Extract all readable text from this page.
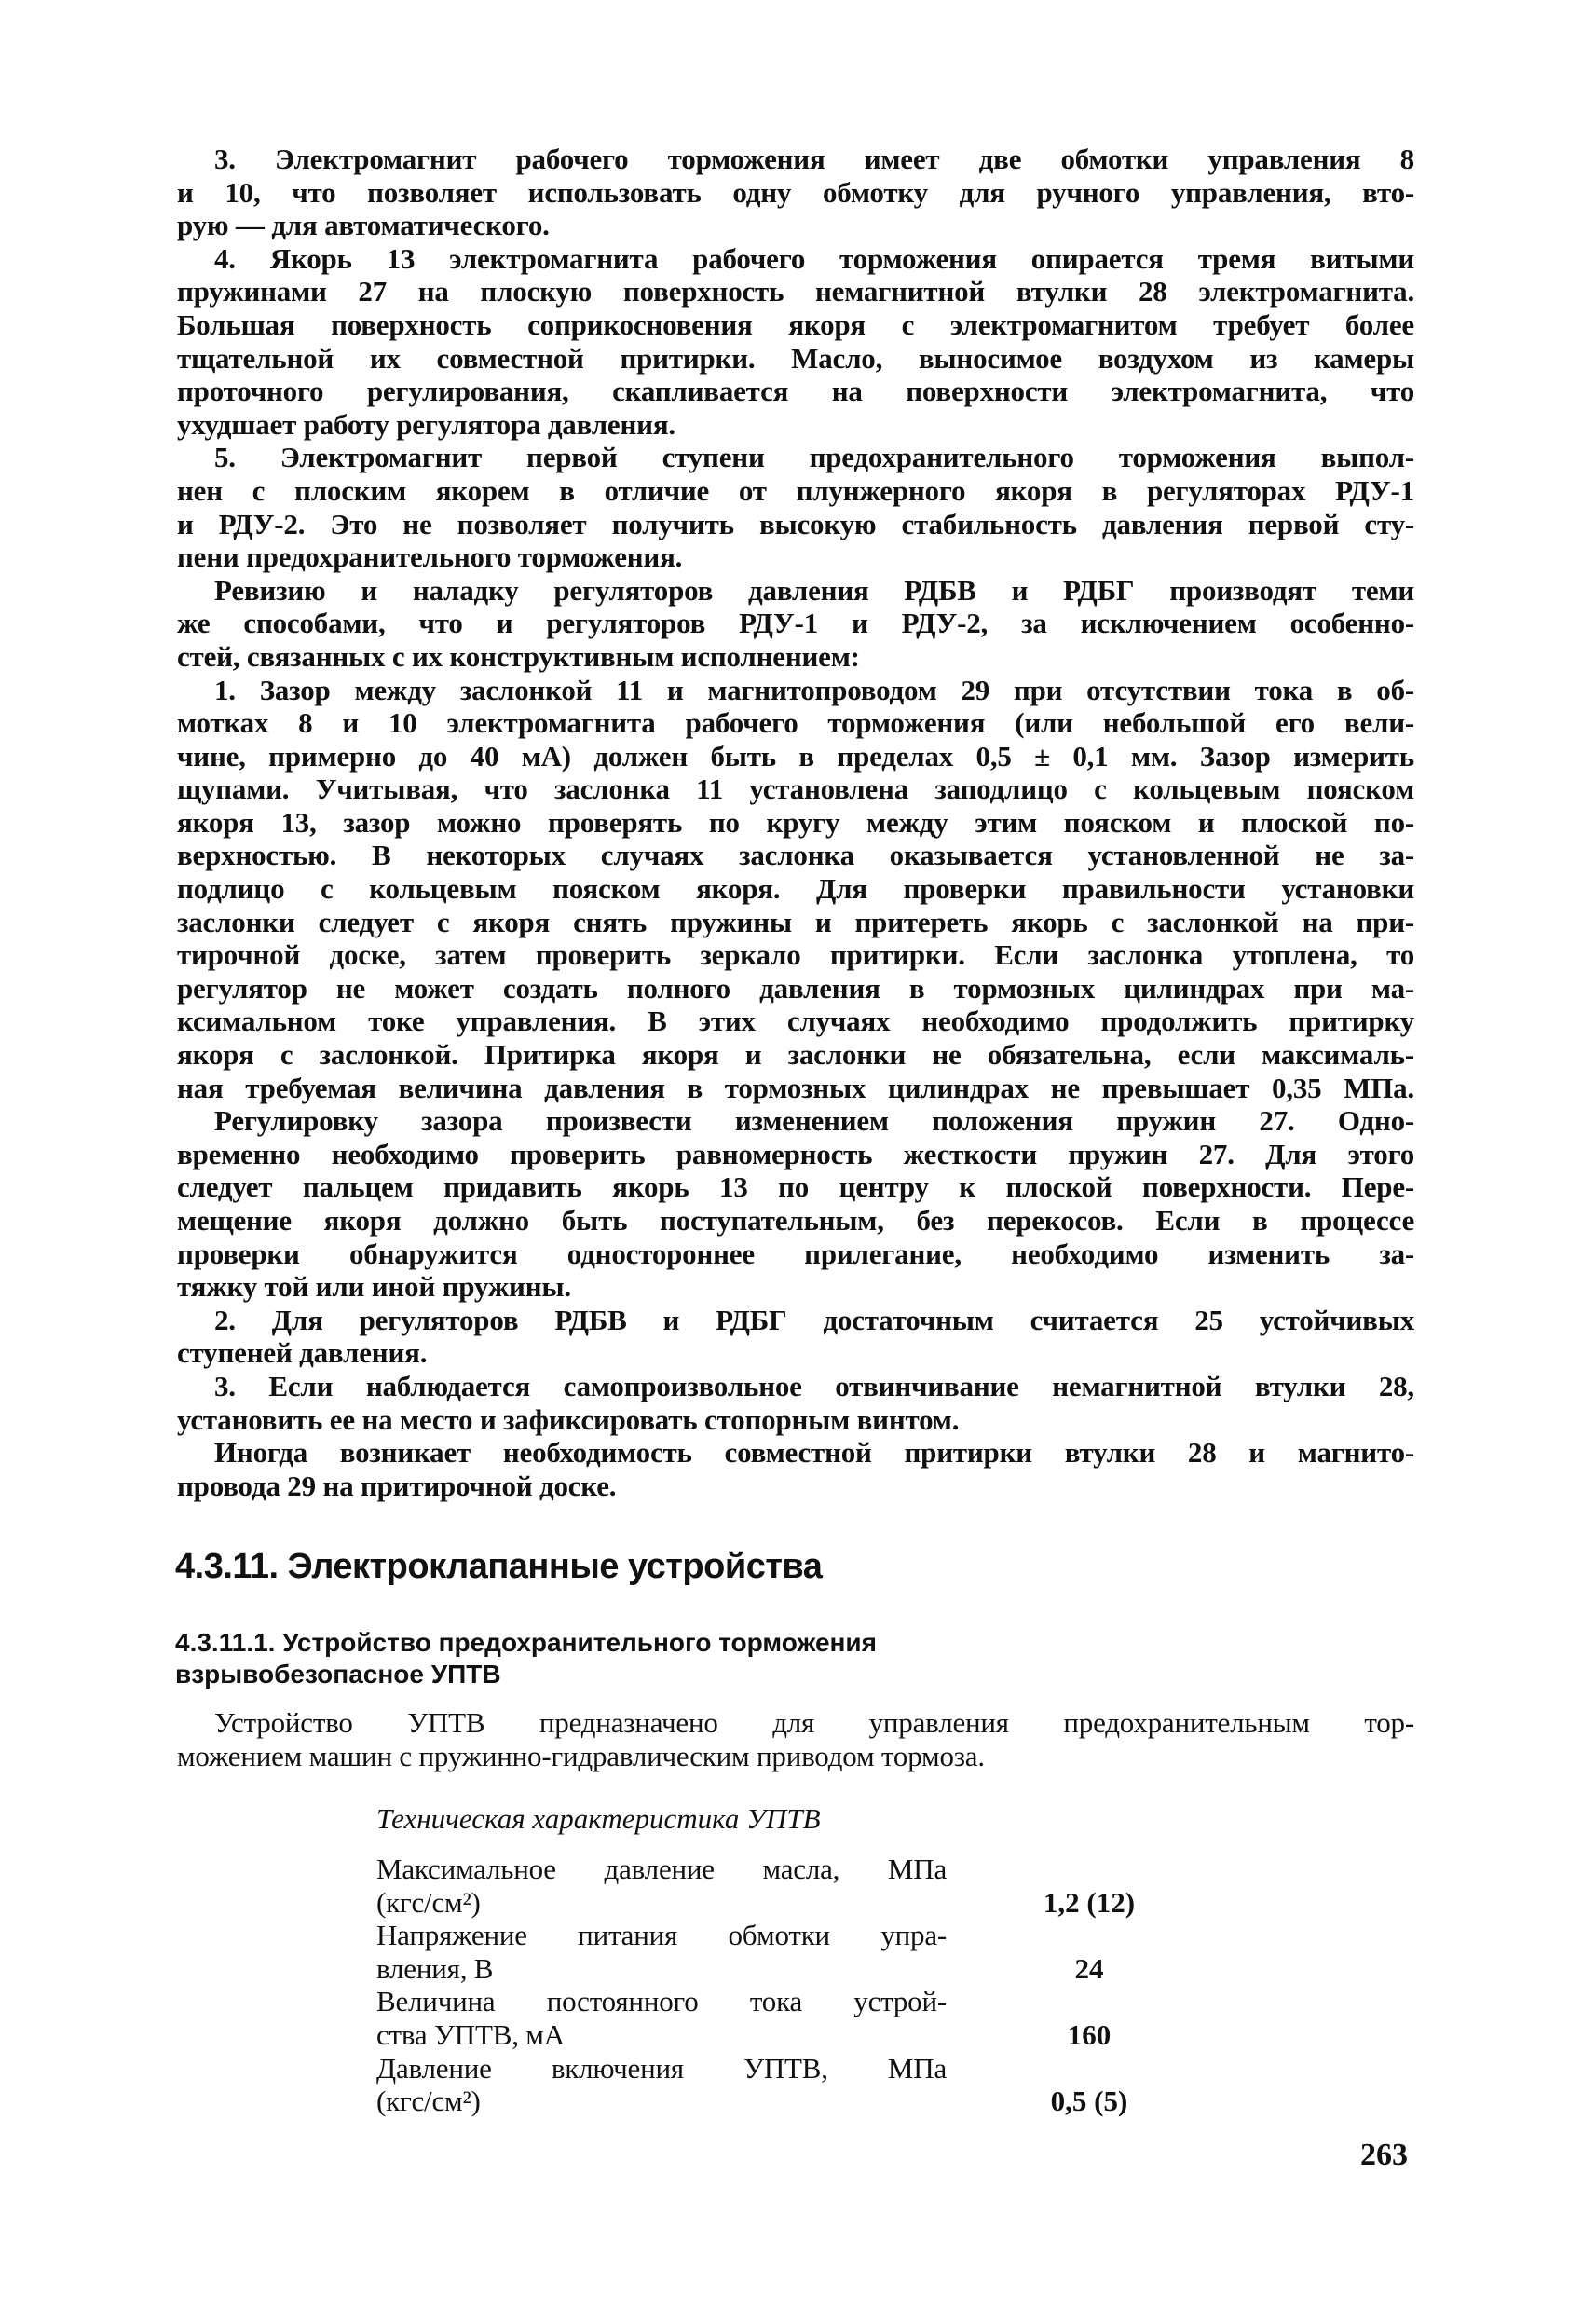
3. Электромагнит рабочего торможения имеет две обмотки управления 8
и 10, что позволяет использовать одну обмотку для ручного управления, вто-
рую — для автоматического.
4. Якорь 13 электромагнита рабочего торможения опирается тремя витыми
пружинами 27 на плоскую поверхность немагнитной втулки 28 электромагнита.
Большая поверхность соприкосновения якоря с электромагнитом требует более
тщательной их совместной притирки. Масло, выносимое воздухом из камеры
проточного регулирования, скапливается на поверхности электромагнита, что
ухудшает работу регулятора давления.
5. Электромагнит первой ступени предохранительного торможения выпол-
нен с плоским якорем в отличие от плунжерного якоря в регуляторах РДУ-1
и РДУ-2. Это не позволяет получить высокую стабильность давления первой сту-
пени предохранительного торможения.
Ревизию и наладку регуляторов давления РДБВ и РДБГ производят теми
же способами, что и регуляторов РДУ-1 и РДУ-2, за исключением особенно-
стей, связанных с их конструктивным исполнением:
1. Зазор между заслонкой 11 и магнитопроводом 29 при отсутствии тока в об-
мотках 8 и 10 электромагнита рабочего торможения (или небольшой его вели-
чине, примерно до 40 мА) должен быть в пределах 0,5 ± 0,1 мм. Зазор измерить
щупами. Учитывая, что заслонка 11 установлена заподлицо с кольцевым пояском
якоря 13, зазор можно проверять по кругу между этим пояском и плоской по-
верхностью. В некоторых случаях заслонка оказывается установленной не за-
подлицо с кольцевым пояском якоря. Для проверки правильности установки
заслонки следует с якоря снять пружины и притереть якорь с заслонкой на при-
тирочной доске, затем проверить зеркало притирки. Если заслонка утоплена, то
регулятор не может создать полного давления в тормозных цилиндрах при ма-
ксимальном токе управления. В этих случаях необходимо продолжить притирку
якоря с заслонкой. Притирка якоря и заслонки не обязательна, если максималь-
ная требуемая величина давления в тормозных цилиндрах не превышает 0,35 МПа.
Регулировку зазора произвести изменением положения пружин 27. Одно-
временно необходимо проверить равномерность жесткости пружин 27. Для этого
следует пальцем придавить якорь 13 по центру к плоской поверхности. Пере-
мещение якоря должно быть поступательным, без перекосов. Если в процессе
проверки обнаружится одностороннее прилегание, необходимо изменить за-
тяжку той или иной пружины.
2. Для регуляторов РДБВ и РДБГ достаточным считается 25 устойчивых
ступеней давления.
3. Если наблюдается самопроизвольное отвинчивание немагнитной втулки 28,
установить ее на место и зафиксировать стопорным винтом.
Иногда возникает необходимость совместной притирки втулки 28 и магнито-
провода 29 на притирочной доске.
4.3.11. Электроклапанные устройства
4.3.11.1. Устройство предохранительного торможения
взрывобезопасное УПТВ
Устройство УПТВ предназначено для управления предохранительным тор-
можением машин с пружинно-гидравлическим приводом тормоза.
Техническая характеристика УПТВ
Максимальное давление масла, МПа
(кгс/см²)	1,2 (12)
Напряжение питания обмотки упра-
вления, В	24
Величина постоянного тока устрой-
ства УПТВ, мА	160
Давление включения УПТВ, МПа
(кгс/см²)	0,5 (5)
263
